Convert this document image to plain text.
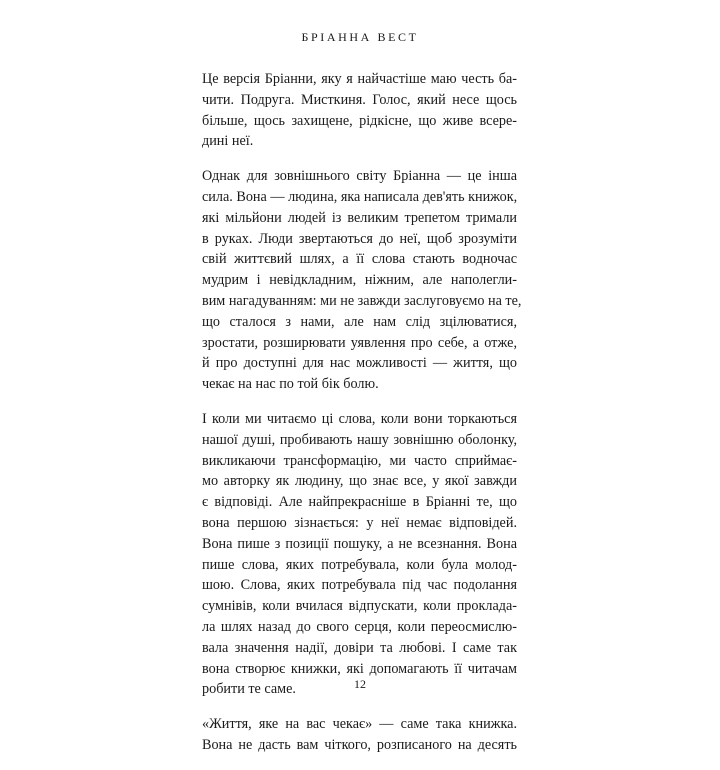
БРІАННА ВЕСТ

Це версія Бріанни, яку я найчастіше маю честь ба-
чити. Подруга. Мисткиня. Голос, який несе щось
більше, щось захищене, рідкісне, що живе всере-
дині неї.

Однак для зовнішнього світу Бріанна — це інша
сила. Вона — людина, яка написала дев'ять книжок,
які мільйони людей із великим трепетом тримали
в руках. Люди звертаються до неї, щоб зрозуміти
свій життєвий шлях, а її слова стають водночас
мудрим і невідкладним, ніжним, але наполегли-
вим нагадуванням: ми не завжди заслуговуємо на те,
що сталося з нами, але нам слід зцілюватися,
зростати, розширювати уявлення про себе, а отже,
й про доступні для нас можливості — життя, що
чекає на нас по той бік болю.

І коли ми читаємо ці слова, коли вони торкаються
нашої душі, пробивають нашу зовнішню оболонку,
викликаючи трансформацію, ми часто сприймає-
мо авторку як людину, що знає все, у якої завжди
є відповіді. Але найпрекрасніше в Бріанні те, що
вона першою зізнається: у неї немає відповідей.
Вона пише з позиції пошуку, а не всезнання. Вона
пише слова, яких потребувала, коли була молод-
шою. Слова, яких потребувала під час подолання
сумнівів, коли вчилася відпускати, коли проклада-
ла шлях назад до свого серця, коли переосмислю-
вала значення надії, довіри та любові. І саме так
вона створює книжки, які допомагають її читачам
робити те саме.

«Життя, яке на вас чекає» — саме така книжка.
Вона не дасть вам чіткого, розписаного на десять

12
